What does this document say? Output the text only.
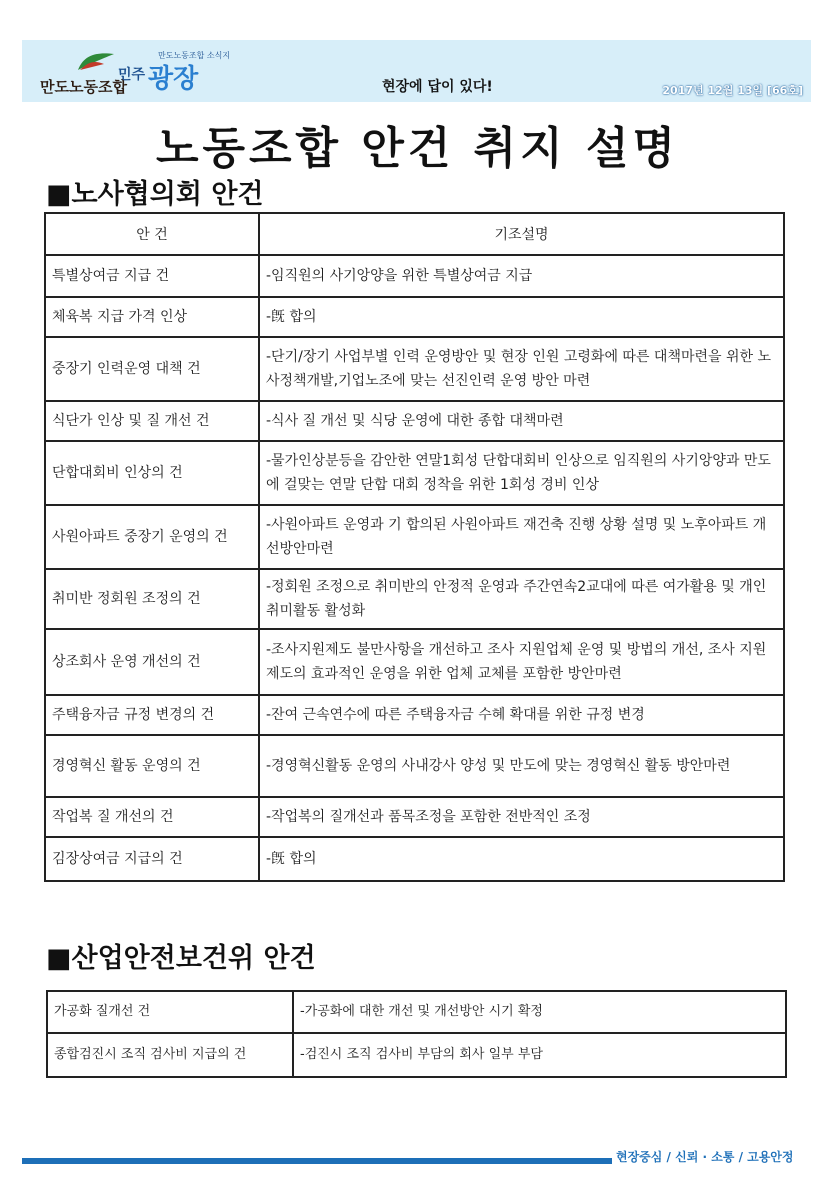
만도노동조합
만도노동조합 소식지
민주 광장	현장에 답이 있다!	2017년 12월 13일 [66호]
노동조합 안건 취지 설명
■노사협의회 안건
안 건	기조설명
특별상여금 지급 건	-임직원의 사기앙양을 위한 특별상여금 지급
체육복 지급 가격 인상	-旣 합의
중장기 인력운영 대책 건	-단기/장기 사업부별 인력 운영방안 및 현장 인원 고령화에 따른 대책마련을 위한 노사정책개발,기업노조에 맞는 선진인력 운영 방안 마련
식단가 인상 및 질 개선 건	-식사 질 개선 및 식당 운영에 대한 종합 대책마련
단합대회비 인상의 건	-물가인상분등을 감안한 연말1회성 단합대회비 인상으로 임직원의 사기앙양과 만도에 걸맞는 연말 단합 대회 정착을 위한 1회성 경비 인상
사원아파트 중장기 운영의 건	-사원아파트 운영과 기 합의된 사원아파트 재건축 진행 상황 설명 및 노후아파트 개선방안마련
취미반 정회원 조정의 건	-정회원 조정으로 취미반의 안정적 운영과 주간연속2교대에 따른 여가활용 및 개인취미활동 활성화
상조회사 운영 개선의 건	-조사지원제도 불만사항을 개선하고 조사 지원업체 운영 및 방법의 개선, 조사 지원제도의 효과적인 운영을 위한 업체 교체를 포함한 방안마련
주택융자금 규정 변경의 건	-잔여 근속연수에 따른 주택융자금 수혜 확대를 위한 규정 변경
경영혁신 활동 운영의 건	-경영혁신활동 운영의 사내강사 양성 및 만도에 맞는 경영혁신 활동 방안마련
작업복 질 개선의 건	-작업복의 질개선과 품목조정을 포함한 전반적인 조정
김장상여금 지급의 건	-旣 합의
■산업안전보건위 안건
가공화 질개선 건	-가공화에 대한 개선 및 개선방안 시기 확정
종합검진시 조직 검사비 지급의 건	-검진시 조직 검사비 부담의 회사 일부 부담
현장중심 / 신뢰 · 소통 / 고용안정
